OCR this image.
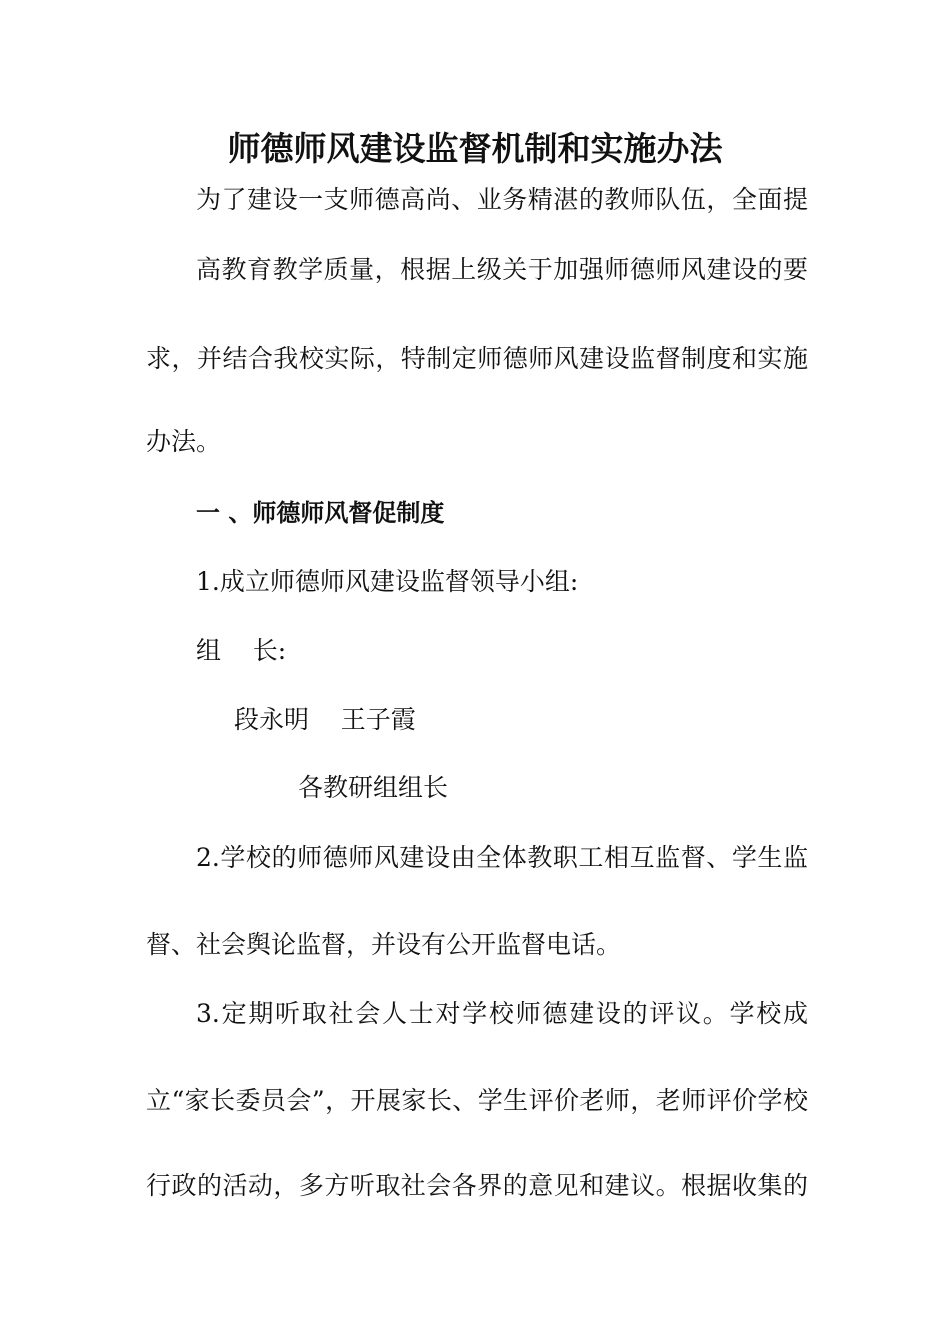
师德师风建设监督机制和实施办法
为了建设一支师德高尚、业务精湛的教师队伍，全面提
高教育教学质量，根据上级关于加强师德师风建设的要
求，并结合我校实际，特制定师德师风建设监督制度和实施
办法。
一 、师德师风督促制度
1.成立师德师风建设监督领导小组:
组    长:
段永明    王子霞
各教研组组长
2.学校的师德师风建设由全体教职工相互监督、学生监
督、社会舆论监督，并设有公开监督电话。
3.定期听取社会人士对学校师德建设的评议。学校成
立“家长委员会”，开展家长、学生评价老师，老师评价学校
行政的活动，多方听取社会各界的意见和建议。根据收集的
